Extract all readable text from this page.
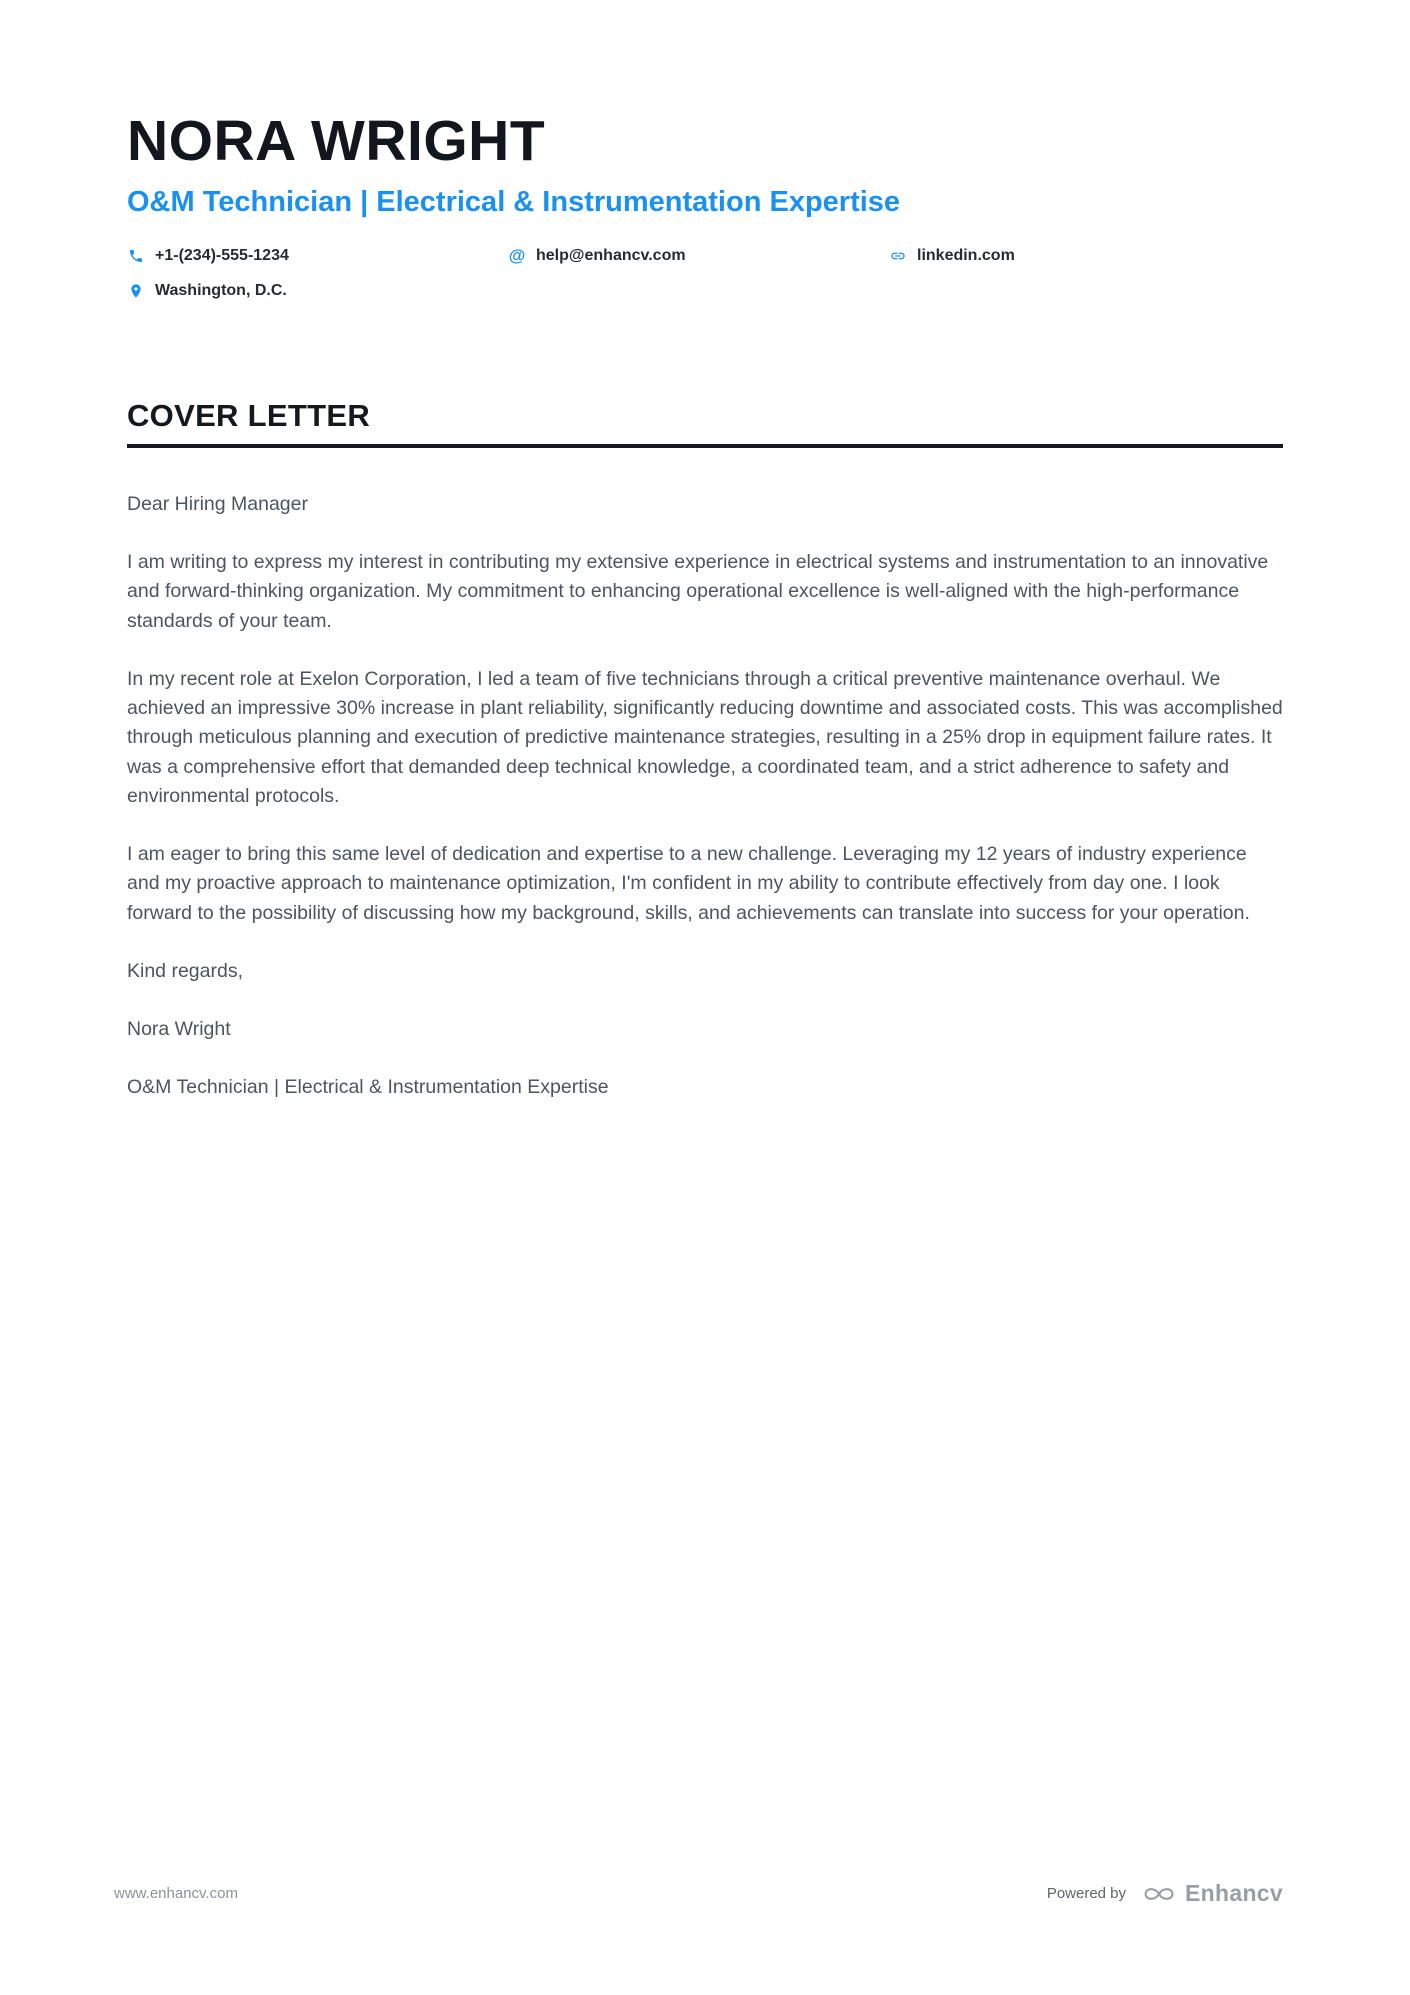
NORA WRIGHT
O&M Technician | Electrical & Instrumentation Expertise
+1-(234)-555-1234	@ help@enhancv.com	linkedin.com
Washington, D.C.
COVER LETTER

Dear Hiring Manager

I am writing to express my interest in contributing my extensive experience in electrical systems and instrumentation to an innovative and forward-thinking organization. My commitment to enhancing operational excellence is well-aligned with the high-performance standards of your team.

In my recent role at Exelon Corporation, I led a team of five technicians through a critical preventive maintenance overhaul. We achieved an impressive 30% increase in plant reliability, significantly reducing downtime and associated costs. This was accomplished through meticulous planning and execution of predictive maintenance strategies, resulting in a 25% drop in equipment failure rates. It was a comprehensive effort that demanded deep technical knowledge, a coordinated team, and a strict adherence to safety and environmental protocols.

I am eager to bring this same level of dedication and expertise to a new challenge. Leveraging my 12 years of industry experience and my proactive approach to maintenance optimization, I'm confident in my ability to contribute effectively from day one. I look forward to the possibility of discussing how my background, skills, and achievements can translate into success for your operation.

Kind regards,

Nora Wright

O&M Technician | Electrical & Instrumentation Expertise

www.enhancv.com	Powered by	Enhancv
